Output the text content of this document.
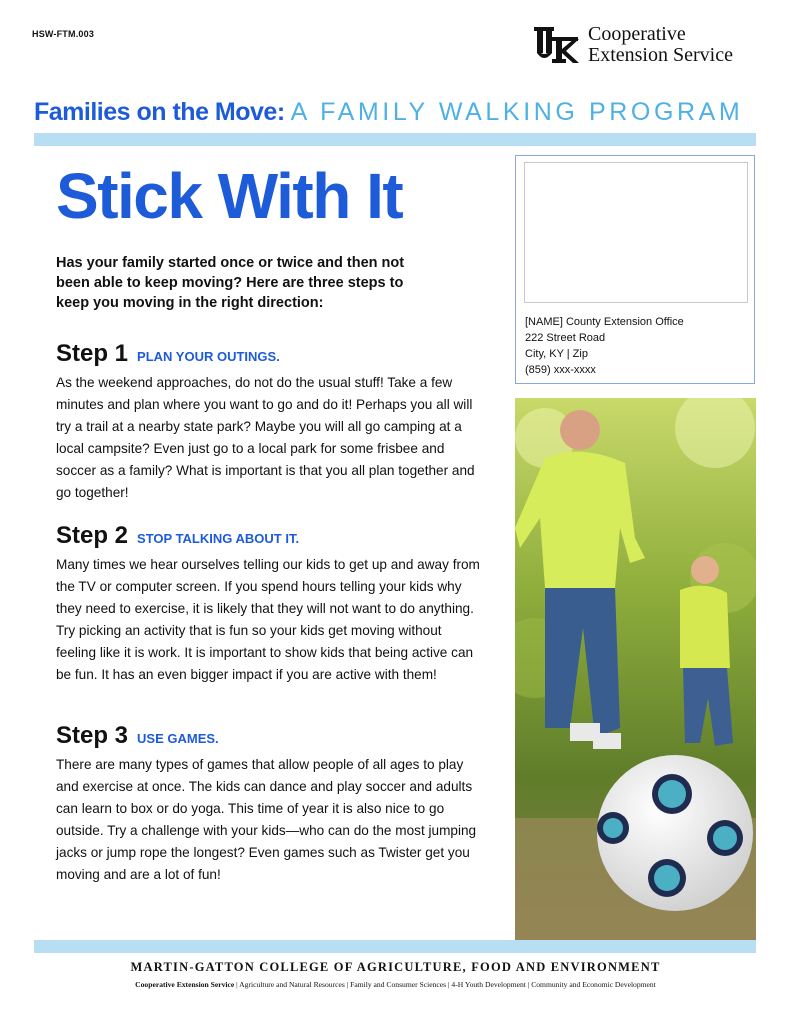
HSW-FTM.003	Cooperative
Extension Service
Families on the Move: A FAMILY WALKING PROGRAM
Stick With It
Has your family started once or twice and then not been able to keep moving? Here are three steps to keep you moving in the right direction:
Step 1 PLAN YOUR OUTINGS.
As the weekend approaches, do not do the usual stuff! Take a few minutes and plan where you want to go and do it! Perhaps you all will try a trail at a nearby state park? Maybe you will all go camping at a local campsite? Even just go to a local park for some frisbee and soccer as a family? What is important is that you all plan together and go together!
Step 2 STOP TALKING ABOUT IT.
Many times we hear ourselves telling our kids to get up and away from the TV or computer screen. If you spend hours telling your kids why they need to exercise, it is likely that they will not want to do anything. Try picking an activity that is fun so your kids get moving without feeling like it is work. It is important to show kids that being active can be fun. It has an even bigger impact if you are active with them!
Step 3 USE GAMES.
There are many types of games that allow people of all ages to play and exercise at once. The kids can dance and play soccer and adults can learn to box or do yoga. This time of year it is also nice to go outside. Try a challenge with your kids—who can do the most jumping jacks or jump rope the longest? Even games such as Twister get you moving and are a lot of fun!
[NAME] County Extension Office
222 Street Road
City, KY | Zip
(859) xxx-xxxx
MARTIN-GATTON COLLEGE OF AGRICULTURE, FOOD AND ENVIRONMENT
Cooperative Extension Service | Agriculture and Natural Resources | Family and Consumer Sciences | 4-H Youth Development | Community and Economic Development
